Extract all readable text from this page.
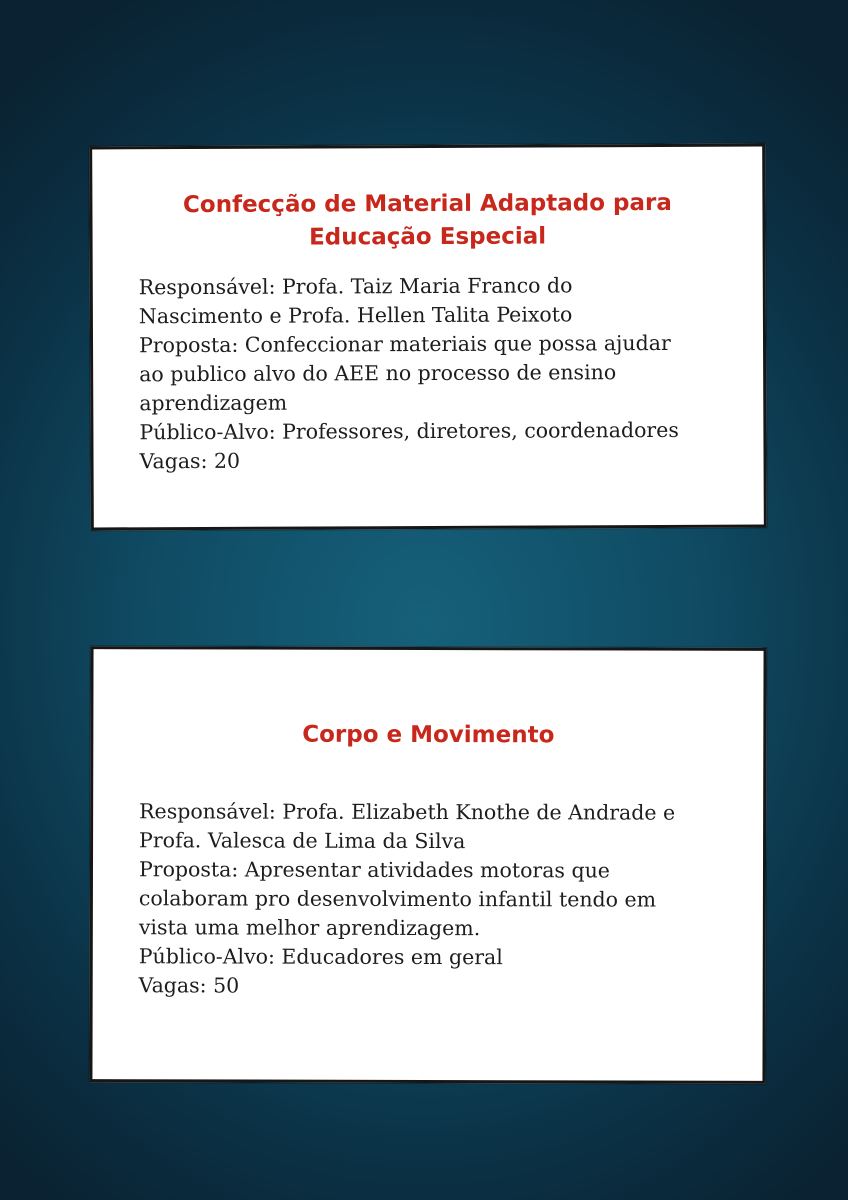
Confecção de Material Adaptado para
Educação Especial
Responsável: Profa. Taiz Maria Franco do
Nascimento e Profa. Hellen Talita Peixoto
Proposta: Confeccionar materiais que possa ajudar
ao publico alvo do AEE no processo de ensino
aprendizagem
Público-Alvo: Professores, diretores, coordenadores
Vagas: 20
Corpo e Movimento
Responsável: Profa. Elizabeth Knothe de Andrade e
Profa. Valesca de Lima da Silva
Proposta: Apresentar atividades motoras que
colaboram pro desenvolvimento infantil tendo em
vista uma melhor aprendizagem.
Público-Alvo: Educadores em geral
Vagas: 50
